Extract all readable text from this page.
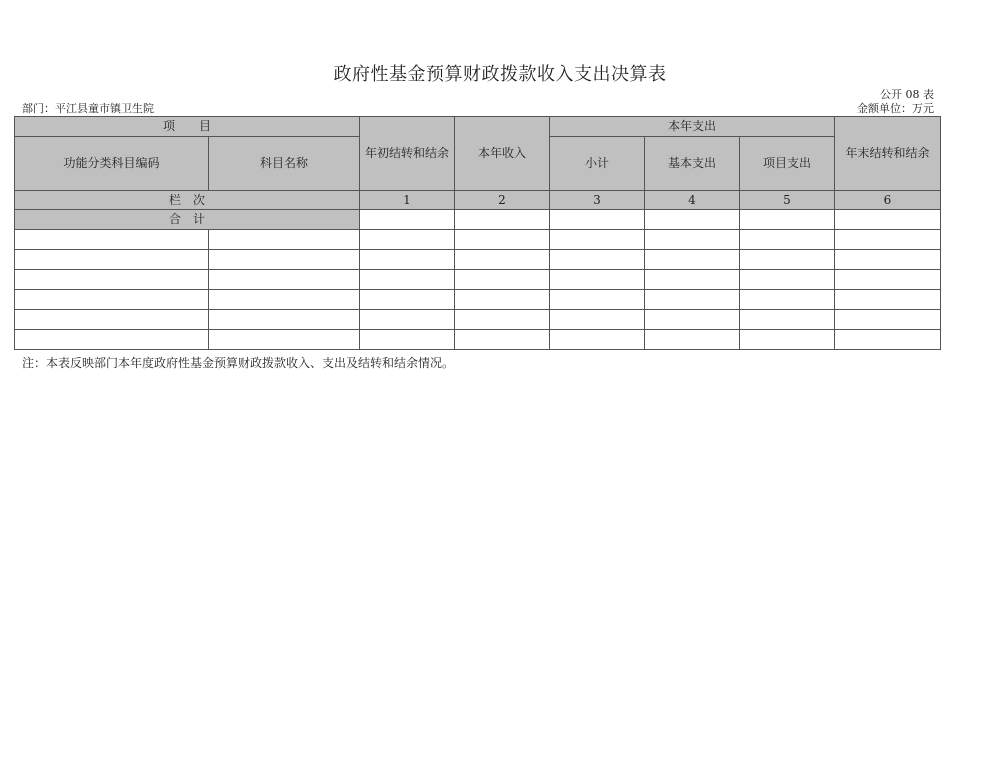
政府性基金预算财政拨款收入支出决算表
公开 08 表
部门：平江县童市镇卫生院	金额单位：万元
项　　目		年初结转和结余	本年收入	本年支出			年末结转和结余
功能分类科目编码	科目名称			小计	基本支出	项目支出	
栏　次		1	2	3	4	5	6
合　计							

注：本表反映部门本年度政府性基金预算财政拨款收入、支出及结转和结余情况。
